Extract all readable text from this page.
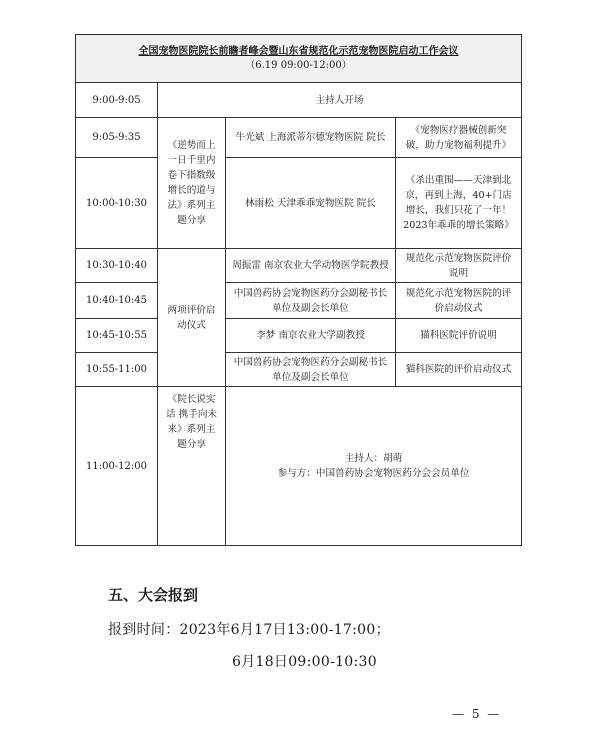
全国宠物医院院长前瞻者峰会暨山东省规范化示范宠物医院启动工作会议
（6.19 09:00-12:00）			

9:00-9:05	主持人开场		
9:05-9:35	《逆势而上一日千里内卷下指数级增长的道与法》系列主题分享	牛光斌 上海派蒂尔德宠物医院 院长	《宠物医疗器械创新突破，助力宠物福利提升》
10:00-10:30		林雨松 天津乖乖宠物医院 院长	《杀出重围——天津到北京，再到上海，40+门店增长，我们只花了一年！2023年乖乖的增长策略》
10:30-10:40	两项评价启动仪式	周振雷 南京农业大学动物医学院教授	规范化示范宠物医院评价说明
10:40-10:45		中国兽药协会宠物医药分会副秘书长单位及副会长单位	规范化示范宠物医院的评价启动仪式
10:45-10:55		李梦 南京农业大学副教授	猫科医院评价说明
10:55-11:00		中国兽药协会宠物医药分会副秘书长单位及副会长单位	猫科医院的评价启动仪式
11:00-12:00	《院长说实话 携手向未来》系列主题分享	主持人：胡萌
参与方：中国兽药协会宠物医药分会会员单位	
五、大会报到

报到时间：2023年6月17日13:00-17:00；

6月18日09:00-10:30

— 5 —
